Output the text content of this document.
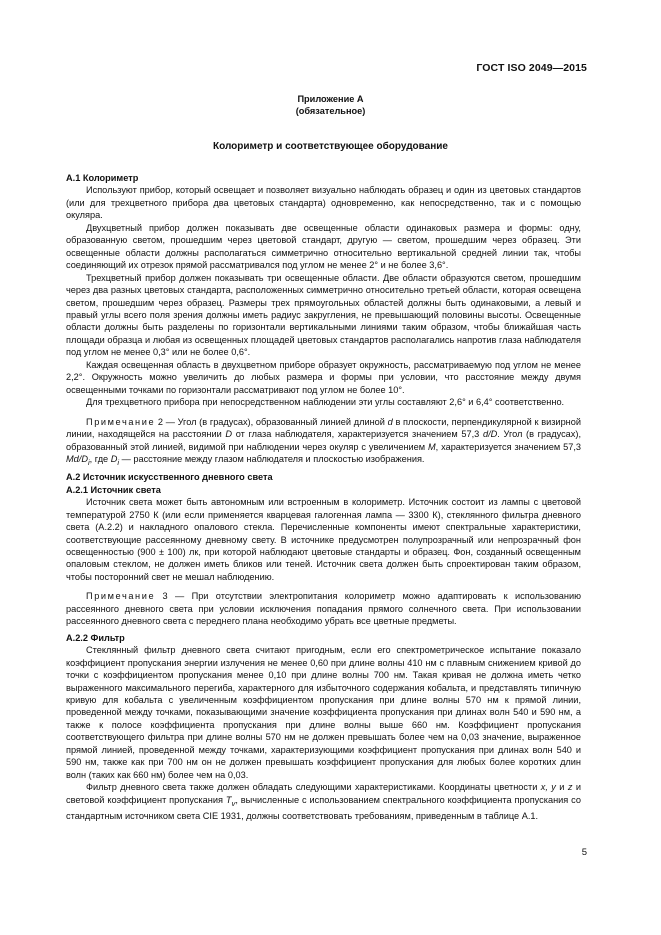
ГОСТ ISO 2049—2015
Приложение А
(обязательное)
Колориметр и соответствующее оборудование

А.1 Колориметр

Используют прибор, который освещает и позволяет визуально наблюдать образец и один из цветовых стандартов (или для трехцветного прибора два цветовых стандарта) одновременно, как непосредственно, так и с помощью окуляра.

Двухцветный прибор должен показывать две освещенные области одинаковых размера и формы: одну, образованную светом, прошедшим через цветовой стандарт, другую — светом, прошедшим через образец. Эти освещенные области должны располагаться симметрично относительно вертикальной средней линии так, чтобы соединяющий их отрезок прямой рассматривался под углом не менее 2° и не более 3,6°.

Трехцветный прибор должен показывать три освещенные области. Две области образуются светом, прошедшим через два разных цветовых стандарта, расположенных симметрично относительно третьей области, которая освещена светом, прошедшим через образец. Размеры трех прямоугольных областей должны быть одинаковыми, а левый и правый углы всего поля зрения должны иметь радиус закругления, не превышающий половины высоты. Освещенные области должны быть разделены по горизонтали вертикальными линиями таким образом, чтобы ближайшая часть площади образца и любая из освещенных площадей цветовых стандартов располагались напротив глаза наблюдателя под углом не менее 0,3° или не более 0,6°.

Каждая освещенная область в двухцветном приборе образует окружность, рассматриваемую под углом не менее 2,2°. Окружность можно увеличить до любых размера и формы при условии, что расстояние между двумя освещенными точками по горизонтали рассматривают под углом не более 10°.

Для трехцветного прибора при непосредственном наблюдении эти углы составляют 2,6° и 6,4° соответственно.

Примечание 2 — Угол (в градусах), образованный линией длиной d в плоскости, перпендикулярной к визирной линии, находящейся на расстоянии D от глаза наблюдателя, характеризуется значением 57,3 d/D. Угол (в градусах), образованный этой линией, видимой при наблюдении через окуляр с увеличением M, характеризуется значением 57,3 $Md/D_i$, где $D_i$ — расстояние между глазом наблюдателя и плоскостью изображения.

А.2 Источник искусственного дневного света

А.2.1 Источник света

Источник света может быть автономным или встроенным в колориметр. Источник состоит из лампы с цветовой температурой 2750 К (или если применяется кварцевая галогенная лампа — 3300 К), стеклянного фильтра дневного света (А.2.2) и накладного опалового стекла. Перечисленные компоненты имеют спектральные характеристики, соответствующие рассеянному дневному свету. В источнике предусмотрен полупрозрачный или непрозрачный фон освещенностью (900 ± 100) лк, при которой наблюдают цветовые стандарты и образец. Фон, созданный освещенным опаловым стеклом, не должен иметь бликов или теней. Источник света должен быть спроектирован таким образом, чтобы посторонний свет не мешал наблюдению.

Примечание 3 — При отсутствии электропитания колориметр можно адаптировать к использованию рассеянного дневного света при условии исключения попадания прямого солнечного света. При использовании рассеянного дневного света с переднего плана необходимо убрать все цветные предметы.

А.2.2 Фильтр

Стеклянный фильтр дневного света считают пригодным, если его спектрометрическое испытание показало коэффициент пропускания энергии излучения не менее 0,60 при длине волны 410 нм с плавным снижением кривой до точки с коэффициентом пропускания менее 0,10 при длине волны 700 нм. Такая кривая не должна иметь четко выраженного максимального перегиба, характерного для избыточного содержания кобальта, и представлять типичную кривую для кобальта с увеличенным коэффициентом пропускания при длине волны 570 нм к прямой линии, проведенной между точками, показывающими значение коэффициента пропускания при длинах волн 540 и 590 нм, а также к полосе коэффициента пропускания при длине волны выше 660 нм. Коэффициент пропускания соответствующего фильтра при длине волны 570 нм не должен превышать более чем на 0,03 значение, выраженное прямой линией, проведенной между точками, характеризующими коэффициент пропускания при длинах волн 540 и 590 нм, также как при 700 нм он не должен превышать коэффициент пропускания для любых более коротких длин волн (таких как 660 нм) более чем на 0,03.

Фильтр дневного света также должен обладать следующими характеристиками. Координаты цветности x, y и z и световой коэффициент пропускания $T_v$, вычисленные с использованием спектрального коэффициента пропускания со стандартным источником света CIE 1931, должны соответствовать требованиям, приведенным в таблице А.1.

5
